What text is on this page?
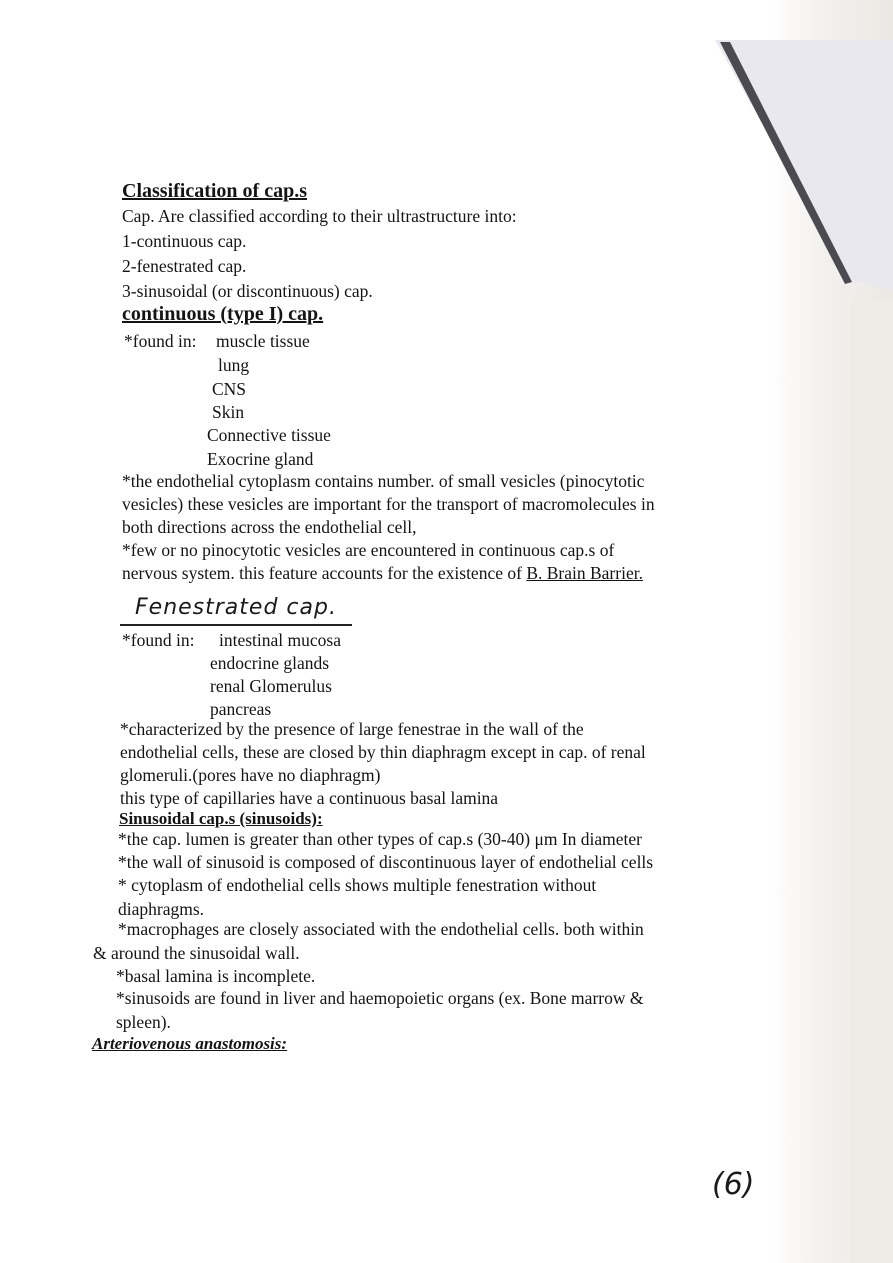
Classification of cap.s
Cap. Are classified according to their ultrastructure into:
1-continuous cap.
2-fenestrated cap.
3-sinusoidal (or discontinuous) cap.
continuous (type I) cap.
*found in: muscle tissue
lung
CNS
Skin
Connective tissue
Exocrine gland
*the endothelial cytoplasm contains number. of small vesicles (pinocytotic
vesicles) these vesicles are important for the transport of macromolecules in
both directions across the endothelial cell,
*few or no pinocytotic vesicles are encountered in continuous cap.s of
nervous system. this feature accounts for the existence of B. Brain Barrier.
Fenestrated cap.
*found in: intestinal mucosa
endocrine glands
renal Glomerulus
pancreas
*characterized by the presence of large fenestrae in the wall of the
endothelial cells, these are closed by thin diaphragm except in cap. of renal
glomeruli.(pores have no diaphragm)
this type of capillaries have a continuous basal lamina
Sinusoidal cap.s (sinusoids):
*the cap. lumen is greater than other types of cap.s (30-40) μm In diameter
*the wall of sinusoid is composed of discontinuous layer of endothelial cells
* cytoplasm of endothelial cells shows multiple fenestration without
diaphragms.
*macrophages are closely associated with the endothelial cells. both within
& around the sinusoidal wall.
*basal lamina is incomplete.
*sinusoids are found in liver and haemopoietic organs (ex. Bone marrow &
spleen).
Arteriovenous anastomosis:
(6)
